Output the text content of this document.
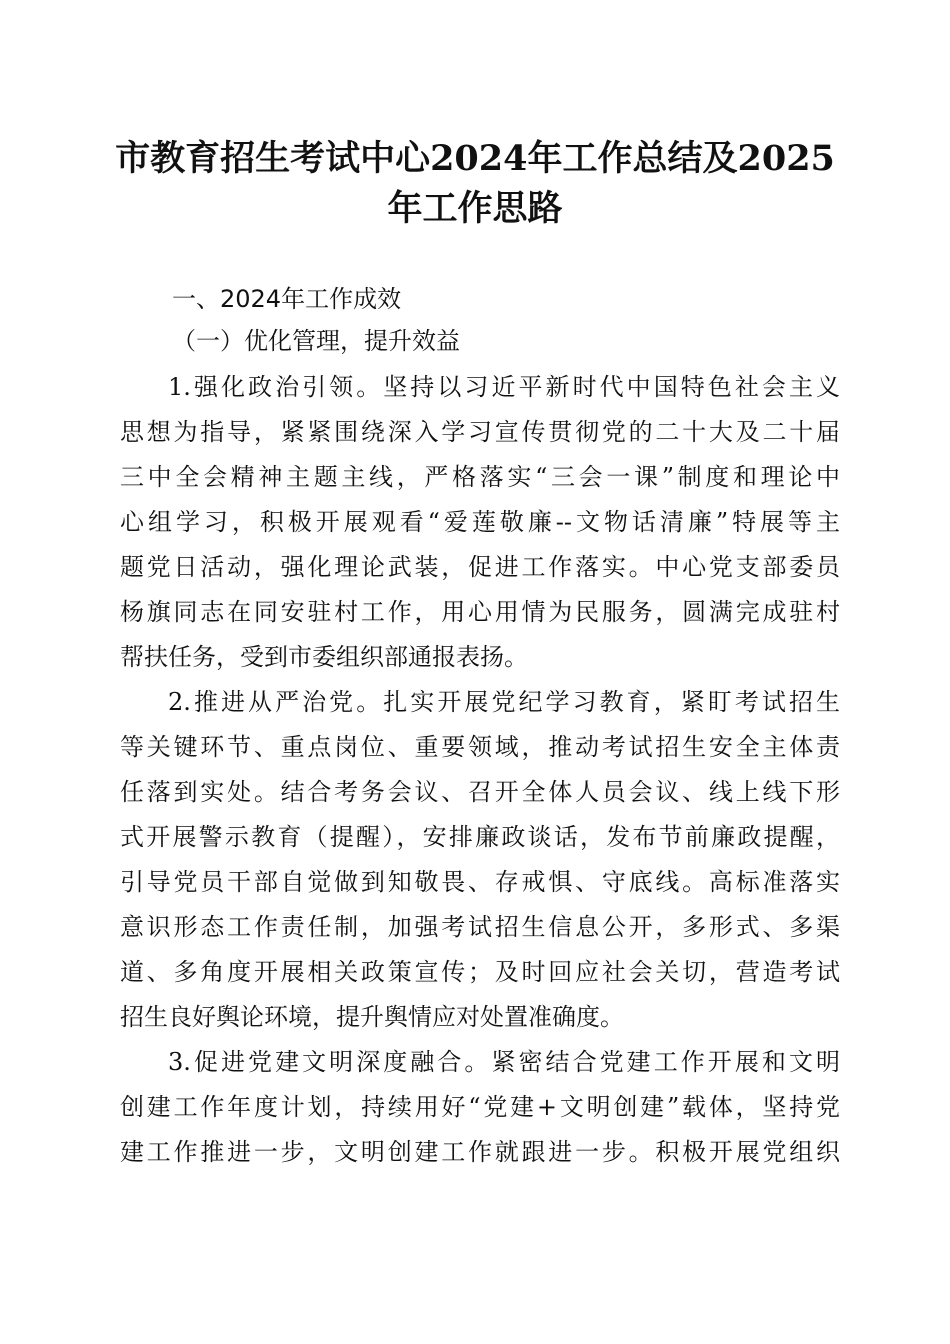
市教育招生考试中心2024年工作总结及2025
年工作思路
一、2024年工作成效
（一）优化管理，提升效益
1.强化政治引领。坚持以习近平新时代中国特色社会主义
思想为指导，紧紧围绕深入学习宣传贯彻党的二十大及二十届
三中全会精神主题主线，严格落实“三会一课”制度和理论中
心组学习，积极开展观看“爱莲敬廉--文物话清廉”特展等主
题党日活动，强化理论武装，促进工作落实。中心党支部委员
杨旗同志在同安驻村工作，用心用情为民服务，圆满完成驻村
帮扶任务，受到市委组织部通报表扬。
2.推进从严治党。扎实开展党纪学习教育，紧盯考试招生
等关键环节、重点岗位、重要领域，推动考试招生安全主体责
任落到实处。结合考务会议、召开全体人员会议、线上线下形
式开展警示教育（提醒），安排廉政谈话，发布节前廉政提醒，
引导党员干部自觉做到知敬畏、存戒惧、守底线。高标准落实
意识形态工作责任制，加强考试招生信息公开，多形式、多渠
道、多角度开展相关政策宣传；及时回应社会关切，营造考试
招生良好舆论环境，提升舆情应对处置准确度。
3.促进党建文明深度融合。紧密结合党建工作开展和文明
创建工作年度计划，持续用好“党建+文明创建”载体，坚持党
建工作推进一步，文明创建工作就跟进一步。积极开展党组织
